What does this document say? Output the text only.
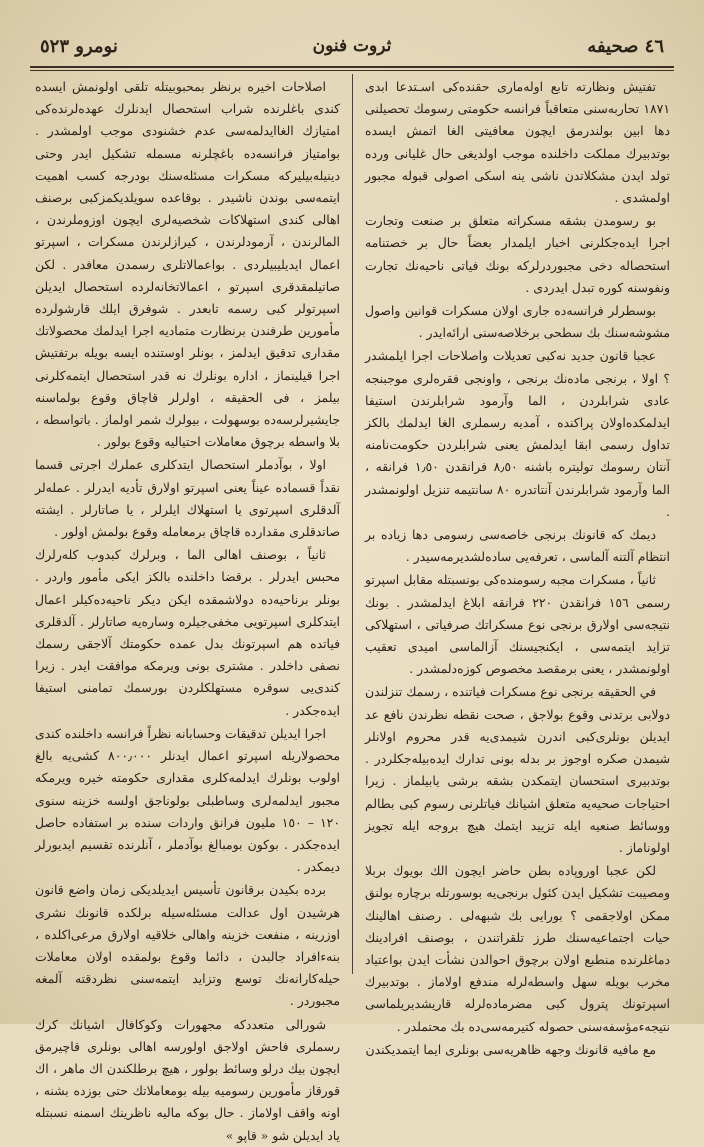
٤٦ صحيفه
ثروت فنون
نومرو ٥٢٣

تفتيش ونظارته تابع اولەماری حقنده‌كی اسـتدعا ابدی ١٨٧١ تحاربه‌سنی متعاقباً فرانسه حكومتی رسومك تحصيلنی دها ابين بولندرمق ايچون معافيتی الغا اتمش ايسده بوتدبيرك مملكت داخلنده موجب اولدیغی حال غليانی ورده تولد ايدن مشكلاتدن ناشی ينه اسكی اصولی قبوله مجبور اولمشدی .

بو رسومدن بشقه مسكراته متعلق بر صنعت وتجارت اجرا ايده‌جكلرنی اخبار ايلمدار بعضاً حال بر خصتنامه استحصاله دخی مجبوردرلركه بونك فياتی ناحيه‌نك تجارت ونفوسنه كوره تبدل ايدردی .

بوسطرلر فرانسه‌ده جاری اولان مسكرات قوانين واصول مشوشه‌سنك بك سطحی برخلاصه‌سنی ارائه‌ايدر .

عجبا قانون جديد نه‌كبی تعديلات واصلاحات اجرا ايلمشدر ؟ اولا ، برنجی ماده‌نك برنجی ، واونجی فقره‌لری موجبنجه عادی شرابلردن ، الما وآرمود شرابلرندن استيفا ايدلمكده‌اولان پراكنده ، آمديه رسملری الغا ايدلمك بالكز تداول رسمی ابقا ايدلمش يعنی شرابلردن حكومت‌نامنه آنتان رسومك توليتره باشنه ٨٫٥٠ فرانقدن ١٫٥٠ فرانقه ، الما وآرمود شرابلرندن آنتاتدره ٨٠ سانتيمه تنزيل اولونمشدر .

ديمك كه قانونك برنجی خاصه‌سی رسومی دها زياده بر انتظام آلتنه آلماسی ، تعرفه‌يی ساده‌لشديرمه‌سيدر .

ثانياً ، مسكرات مجبه رسومنده‌كی بونسبتله مقابل اسپرتو رسمی ١٥٦ فرانقدن ٢٢٠ فرانقه ابلاغ ايدلمشدر . بونك نتيجه‌سی اولارق برنجی نوع مسكراتك صرفياتی ، استهلاكی تزايد ايتمه‌سی ، ايكنجيسنك آزالماسی اميدی تعقيب اولونمشدر ، يعنی برمقصد مخصوص كوزه‌دلمشدر .

في الحقيقه برنجی نوع مسكرات فياتنده ، رسمك تنزلندن دولابی برتدنی وقوع بولاجق ، صحت نقطه نظرندن نافع عد ايديلن بونلری‌كبی اندرن شيمدی‌يه قدر محروم اولانلر شيمدن صكره اوجوز بر بدله بونی تدارك ايده‌بيله‌جكلردر . بوتدبيری استحسان ايتمكدن بشقه برشی يابيلماز . زيرا احتياجات صحيه‌يه متعلق اشيانك فياتلرنی رسوم كبی بطالم ووسائط صنعيه ايله تزييد ايتمك هيچ بروجه ايله تجويز اولوناماز .

لكن عجبا اوروپاده بطن حاضر ايچون الك بويوك بربلا ومصيبت تشكيل ايدن كئول برنجی‌يه بوسورتله برچاره بولنق ممكن اولاجقمی ؟ بورايی بك شبهه‌لی . رصنف اهالينك حيات اجتماعيه‌سنك طرز تلقراتندن ، بوصنف افرادينك دماغلرنده منطبع اولان برچوق احوالدن نشأت ايدن بواعتياد مخرب بويله سهل واسطه‌لرله مندفع اولاماز . بوتدبيرك اسپرتونك پترول كبی مضرماده‌لرله قاريشديريلماسی نتيجه‌ءمؤسفه‌سنی حصوله كتيرمه‌سی‌ده بك محتملدر .

مع مافيه قانونك وجهه ظاهريه‌سی بونلری ايما ايتمديكندن

اصلاحات اخيره برنظر بمحبوبيتله تلقی اولونمش ايسده كندی باغلرنده شراب استحصال ايدنلرك عهده‌لرنده‌كی امتيازك الغاايدلمه‌سی عدم خشنودی موجب اولمشدر . بوامتياز فرانسه‌ده باغچلرنه مسمله تشكيل ايدر وحتی دينيله‌بيليركه مسكرات مسئله‌سنك بودرجه كسب اهميت ايتمه‌سی بوندن ناشيدر . بوقاعده سويلديكمزكبی برصنف اهالی كندی استهلاكات شخصيه‌لری ايچون اوزوملرندن ، المالرندن ، آرمودلرندن ، كيرازلرندن مسكرات ، اسپرتو اعمال ايديليبيلردی . بواعمالاتلری رسمدن معافدر . لكن صاتيلمقدقری اسپرتو ، اعمالاتخانه‌لرده استحصال ايديلن اسپرتولر كبی رسمه تابعدر . شوفرق ايلك قارشولرده مأمورين طرفندن برنظارت متماديه اجرا ايدلمك محصولاتك مقداری تدقيق ايدلمز ، بونلر اوستنده ايسه بويله برتفتيش اجرا قيلينماز ، اداره بونلرك نه قدر استحصال ايتمه‌كلرنی بيلمز ، فی الحقيقه ، اولرلر قاچاق وقوع بولماسنه جايشيرلرسه‌ده بوسهولت ، بيولرك شمر اولماز . باتواسطه ، بلا واسطه برچوق معاملات احتياليه وقوع بولور .

اولا ، بوآدملر استحصال ايتدكلری عملرك اجرتی قسما نقداً قسماده عيناً يعنی اسپرتو اولارق تأديه ايدرلر . عمله‌لر آلدقلری اسپرتوی يا استهلاك ايلرلر ، يا صاتارلر . ايشته صاتدقلری مقدارده قاچاق برمعامله وقوع بولمش اولور .

ثانياً ، بوصنف اهالی الما ، وبرلرك كبدوب كله‌رلرك محبس ايدرلر . برقضا داخلنده بالكز ايكی مأمور واردر . بونلر برناحيه‌ده دولاشمقده ايكن ديكر ناحيه‌ده‌كيلر اعمال ايتدكلری اسپرتويی مخفی‌جيلره وساره‌يه صاتارلر . آلدقلری فياتده هم اسپرتونك بدل عمده حكومتك آلاجقی رسمك نصفی داخلدر . مشتری بونی ويرمكه موافقت ايدر . زيرا كندی‌يی سوقره مستهلكلردن بورسمك تمامنی استيفا ايده‌جكدر .

اجرا ايديلن تدقيقات وحسابانه نظراً فرانسه داخلنده كندی محصولاريله اسپرتو اعمال ايدنلر ٨٠٠٫٠٠٠ كشی‌يه بالغ اولوب بونلرك ايدلمه‌كلری مقداری حكومته خيره ويرمكه مجبور ايدلمه‌لری وساطبلی بولوناجق اولسه خزينه سنوی ١٢٠ – ١٥٠ مليون فرانق واردات سنده بر استفاده حاصل ايده‌جكدر . بوكون بومبالغ بوآدملر ، آنلرنده تقسيم ايديورلر ديمكدر .

برده بكيدن برقانون تأسيس ايديلديكی زمان واضع قانون هرشيدن اول عدالت مسئله‌سيله برلكده قانونك نشری اوزرينه ، منفعت خزينه واهالی خلاقيه اولارق مرعی‌اكلده ، بنه‌ءافراد جالبدن ، دائما وقوع بولمقده اولان معاملات حيله‌كارانه‌نك توسع وتزايد ايتمه‌سنی نظردقته آلمغه مجبوردر .

شورالی متعددكه مجهورات وكوكافال اشيانك كرك رسملری فاحش اولاجق اولورسه اهالی بونلری قاچيرمق ايچون بيك درلو وسائط بولور ، هيچ برطلكندن اك ماهر ، اك قورقاز مأمورين رسوميه بيله بومعاملاتك حتی بوزده بشنه ، اونه واقف اولاماز . حال بوكه ماليه ناظرينك اسمنه نسبتله ياد ايديلن شو « قاپو »
